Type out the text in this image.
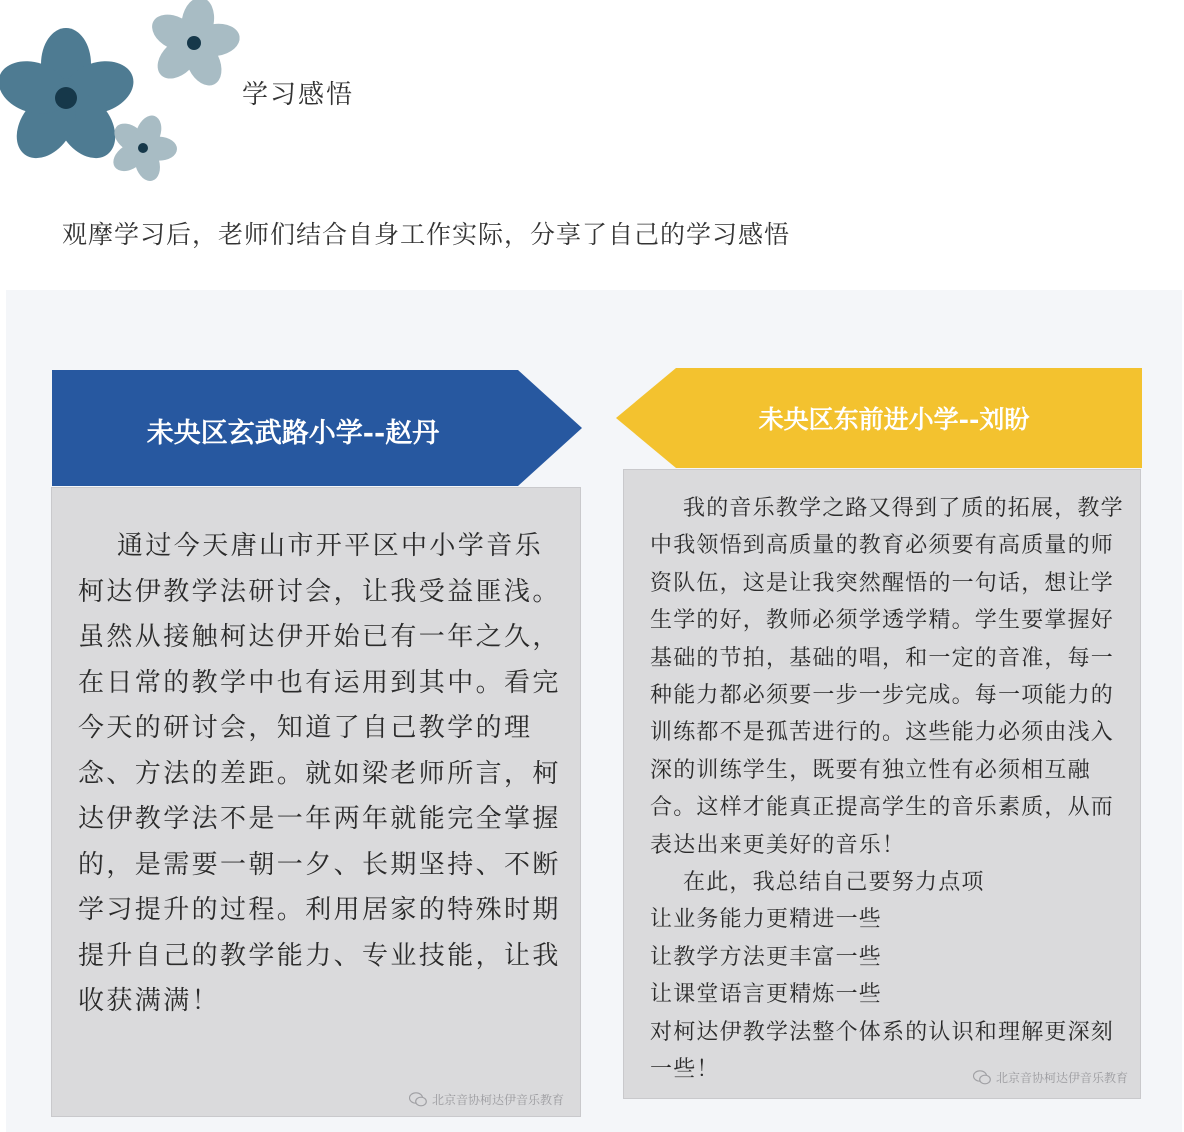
学习感悟
观摩学习后，老师们结合自身工作实际，分享了自己的学习感悟
未央区玄武路小学--赵丹	未央区东前进小学--刘盼

通过今天唐山市开平区中小学音乐柯达伊教学法研讨会，让我受益匪浅。虽然从接触柯达伊开始已有一年之久，在日常的教学中也有运用到其中。看完今天的研讨会，知道了自己教学的理念、方法的差距。就如梁老师所言，柯达伊教学法不是一年两年就能完全掌握的，是需要一朝一夕、长期坚持、不断学习提升的过程。利用居家的特殊时期提升自己的教学能力、专业技能，让我收获满满！

北京音协柯达伊音乐教育

我的音乐教学之路又得到了质的拓展，教学中我领悟到高质量的教育必须要有高质量的师资队伍，这是让我突然醒悟的一句话，想让学生学的好，教师必须学透学精。学生要掌握好基础的节拍，基础的唱，和一定的音准，每一种能力都必须要一步一步完成。每一项能力的训练都不是孤苦进行的。这些能力必须由浅入深的训练学生，既要有独立性有必须相互融合。这样才能真正提高学生的音乐素质，从而表达出来更美好的音乐！

在此，我总结自己要努力点项
让业务能力更精进一些
让教学方法更丰富一些
让课堂语言更精炼一些
对柯达伊教学法整个体系的认识和理解更深刻一些！	北京音协柯达伊音乐教育
